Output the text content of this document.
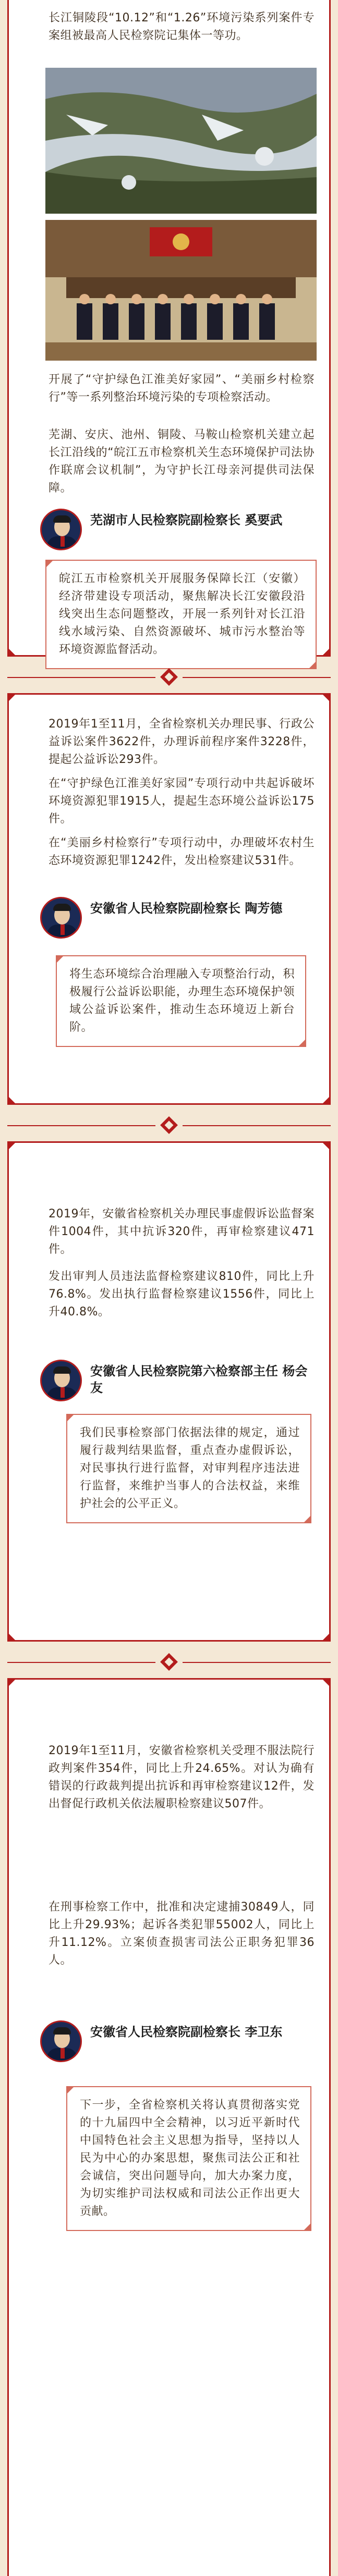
长江铜陵段“10.12”和“1.26”环境污染系列案件专案组被最高人民检察院记集体一等功。

开展了“守护绿色江淮美好家园”、“美丽乡村检察行”等一系列整治环境污染的专项检察活动。

芜湖、安庆、池州、铜陵、马鞍山检察机关建立起长江沿线的“皖江五市检察机关生态环境保护司法协作联席会议机制”，为守护长江母亲河提供司法保障。

芜湖市人民检察院副检察长 奚要武

皖江五市检察机关开展服务保障长江（安徽）经济带建设专项活动，聚焦解决长江安徽段沿线突出生态问题整改，开展一系列针对长江沿线水域污染、自然资源破坏、城市污水整治等环境资源监督活动。

2019年1至11月，全省检察机关办理民事、行政公益诉讼案件3622件，办理诉前程序案件3228件，提起公益诉讼293件。

在“守护绿色江淮美好家园”专项行动中共起诉破坏环境资源犯罪1915人，提起生态环境公益诉讼175件。

在“美丽乡村检察行”专项行动中，办理破坏农村生态环境资源犯罪1242件，发出检察建议531件。

安徽省人民检察院副检察长 陶芳德

将生态环境综合治理融入专项整治行动，积极履行公益诉讼职能，办理生态环境保护领域公益诉讼案件，推动生态环境迈上新台阶。

2019年，安徽省检察机关办理民事虚假诉讼监督案件1004件，其中抗诉320件，再审检察建议471件。

发出审判人员违法监督检察建议810件，同比上升76.8%。发出执行监督检察建议1556件，同比上升40.8%。

安徽省人民检察院第六检察部主任 杨会友

我们民事检察部门依据法律的规定，通过履行裁判结果监督，重点查办虚假诉讼，对民事执行进行监督，对审判程序违法进行监督，来维护当事人的合法权益，来维护社会的公平正义。

2019年1至11月，安徽省检察机关受理不服法院行政判案件354件，同比上升24.65%。对认为确有错误的行政裁判提出抗诉和再审检察建议12件，发出督促行政机关依法履职检察建议507件。

在刑事检察工作中，批准和决定逮捕30849人，同比上升29.93%；起诉各类犯罪55002人，同比上升11.12%。立案侦查损害司法公正职务犯罪36人。

安徽省人民检察院副检察长 李卫东

下一步，全省检察机关将认真贯彻落实党的十九届四中全会精神，以习近平新时代中国特色社会主义思想为指导，坚持以人民为中心的办案思想，聚焦司法公正和社会诚信，突出问题导向，加大办案力度，为切实维护司法权威和司法公正作出更大贡献。
